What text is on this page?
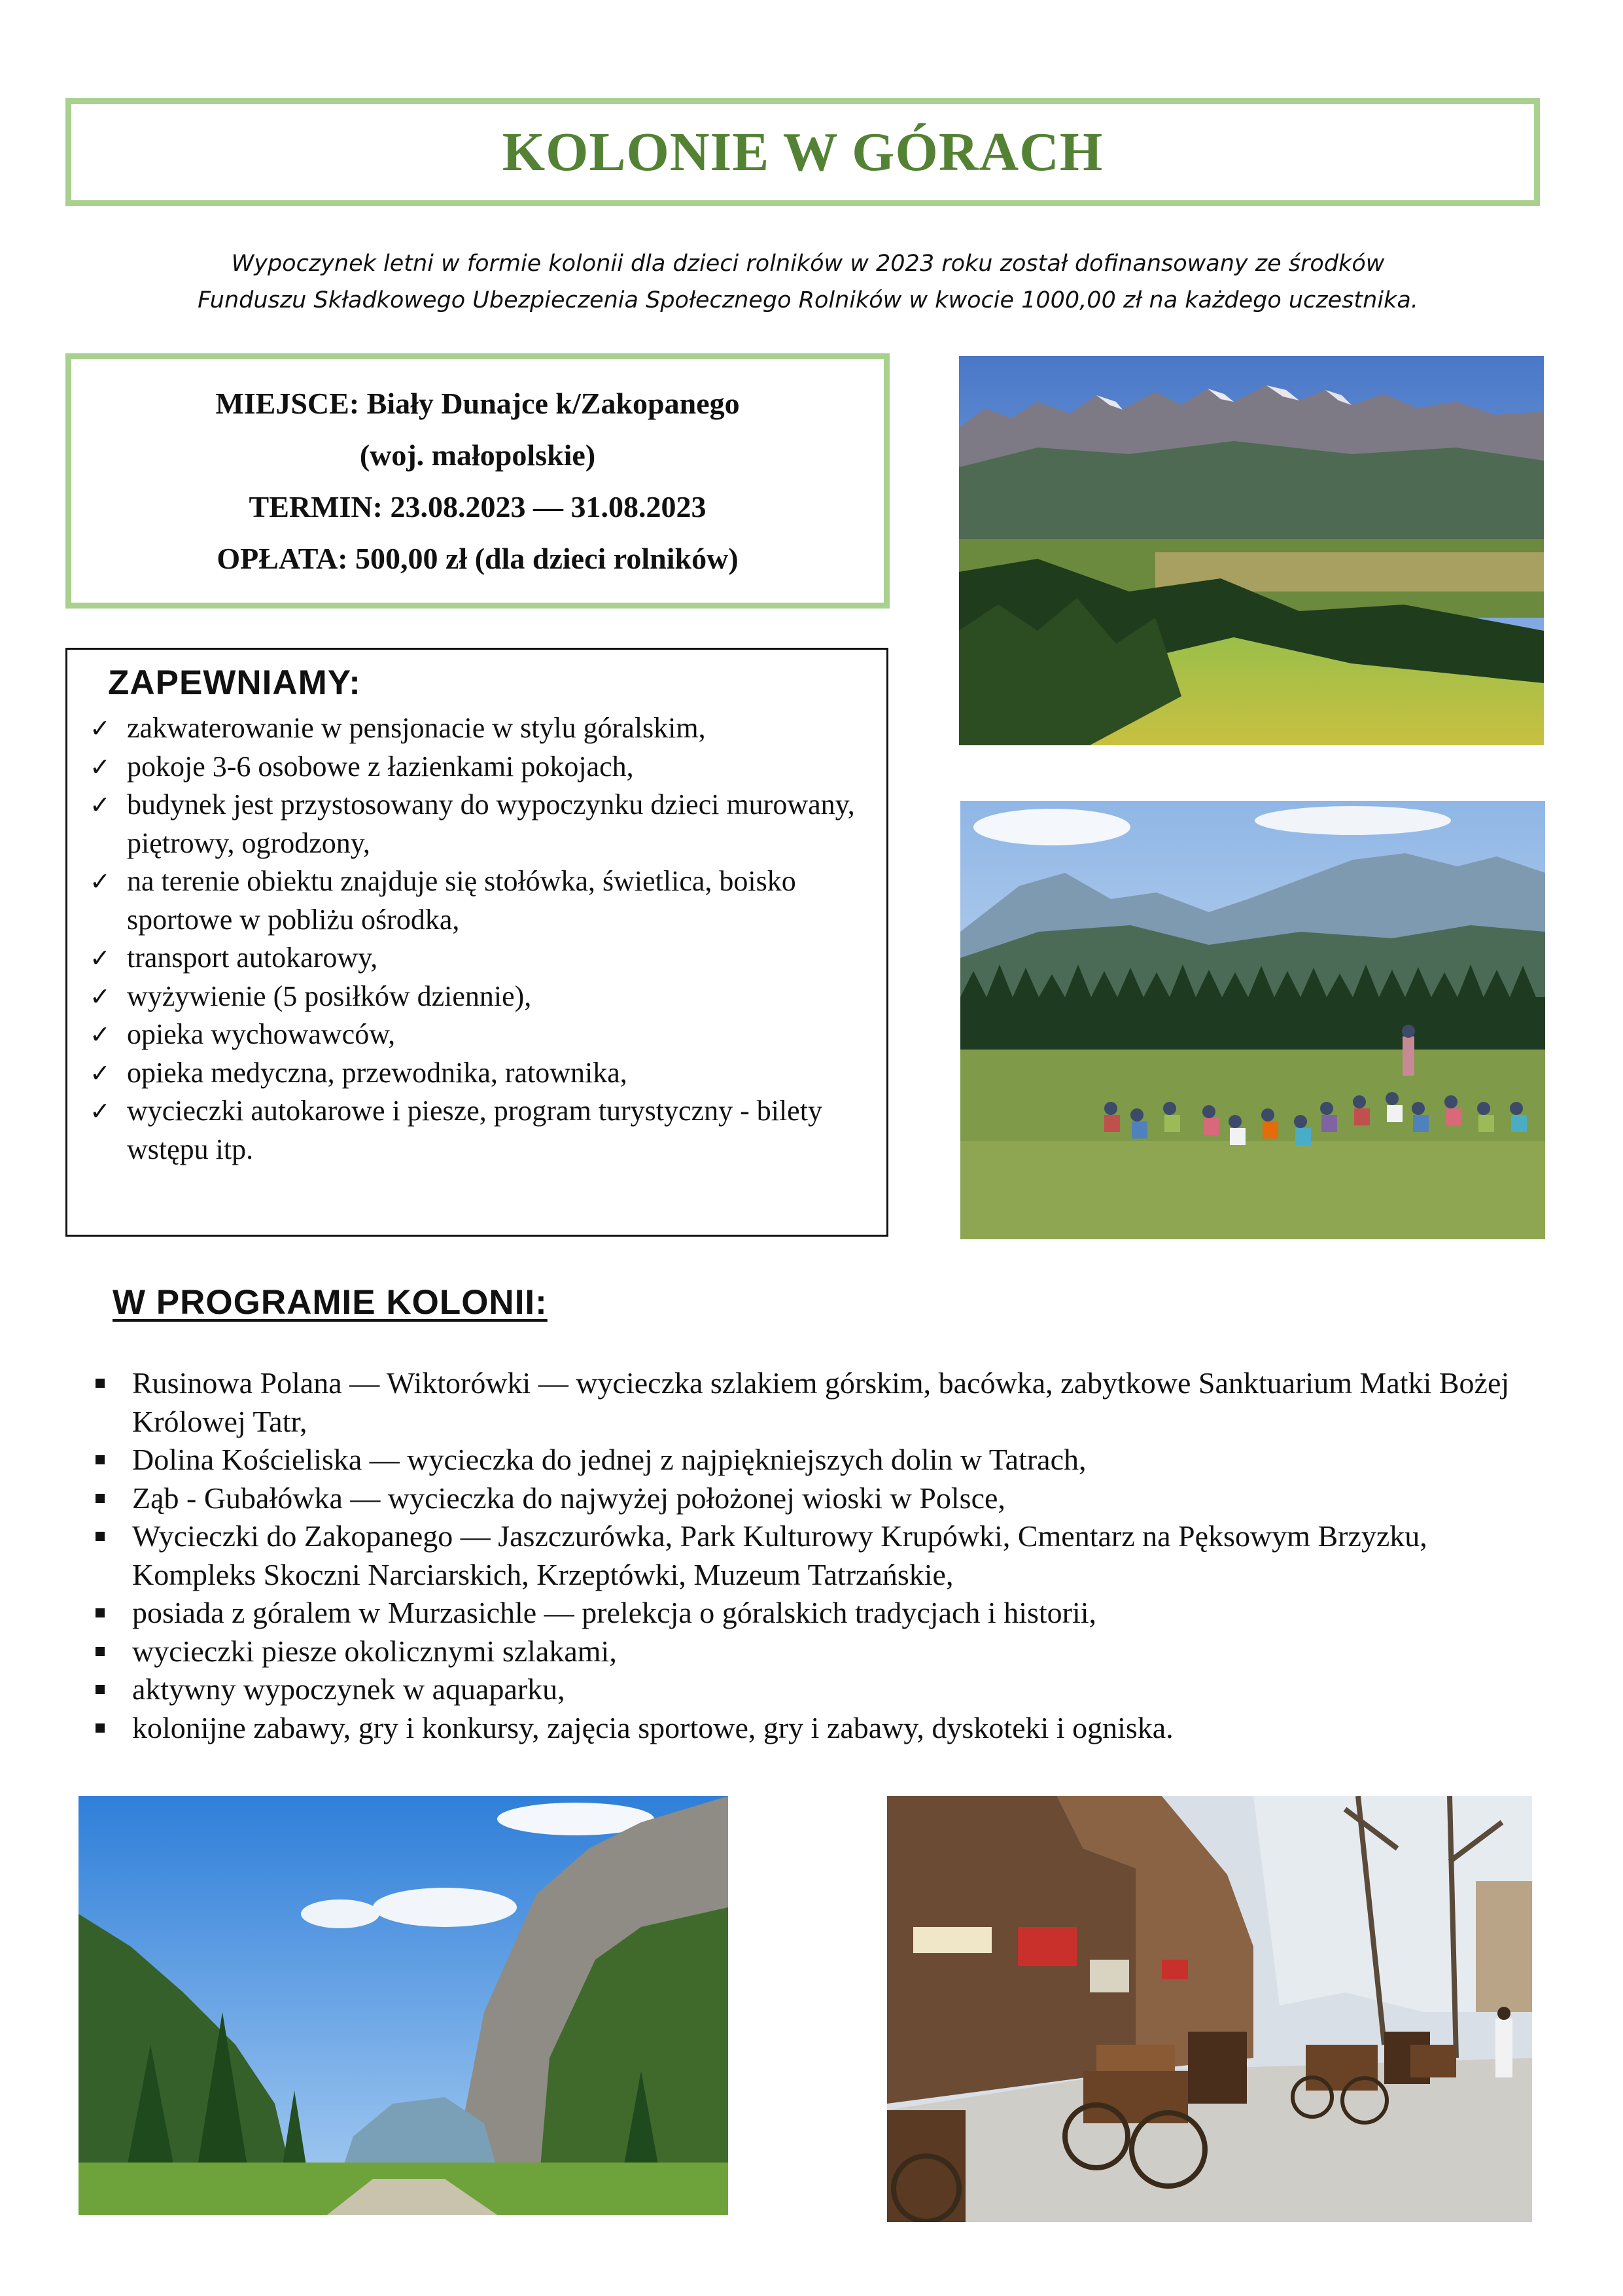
KOLONIE W GÓRACH

Wypoczynek letni w formie kolonii dla dzieci rolników w 2023 roku został dofinansowany ze środków

Funduszu Składkowego Ubezpieczenia Społecznego Rolników w kwocie 1000,00 zł na każdego uczestnika.

MIEJSCE: Biały Dunajce k/Zakopanego

(woj. małopolskie)

TERMIN: 23.08.2023 — 31.08.2023

OPŁATA: 500,00 zł (dla dzieci rolników)

ZAPEWNIAMY:
✓ zakwaterowanie w pensjonacie w stylu góralskim,
✓ pokoje 3-6 osobowe z łazienkami pokojach,
✓ budynek jest przystosowany do wypoczynku dzieci murowany, piętrowy, ogrodzony,
✓ na terenie obiektu znajduje się stołówka, świetlica, boisko sportowe w pobliżu ośrodka,
✓ transport autokarowy,
✓ wyżywienie (5 posiłków dziennie),
✓ opieka wychowawców,
✓ opieka medyczna, przewodnika, ratownika,
✓ wycieczki autokarowe i piesze, program turystyczny - bilety wstępu itp.
W PROGRAMIE KOLONII:
Rusinowa Polana — Wiktorówki — wycieczka szlakiem górskim, bacówka, zabytkowe Sanktuarium Matki Bożej Królowej Tatr,
Dolina Kościeliska — wycieczka do jednej z najpiękniejszych dolin w Tatrach,
Ząb - Gubałówka — wycieczka do najwyżej położonej wioski w Polsce,
Wycieczki do Zakopanego — Jaszczurówka, Park Kulturowy Krupówki, Cmentarz na Pęksowym Brzyzku, Kompleks Skoczni Narciarskich, Krzeptówki, Muzeum Tatrzańskie,
posiada z góralem w Murzasichle — prelekcja o góralskich tradycjach i historii,
wycieczki piesze okolicznymi szlakami,
aktywny wypoczynek w aquaparku,
kolonijne zabawy, gry i konkursy, zajęcia sportowe, gry i zabawy, dyskoteki i ogniska.
